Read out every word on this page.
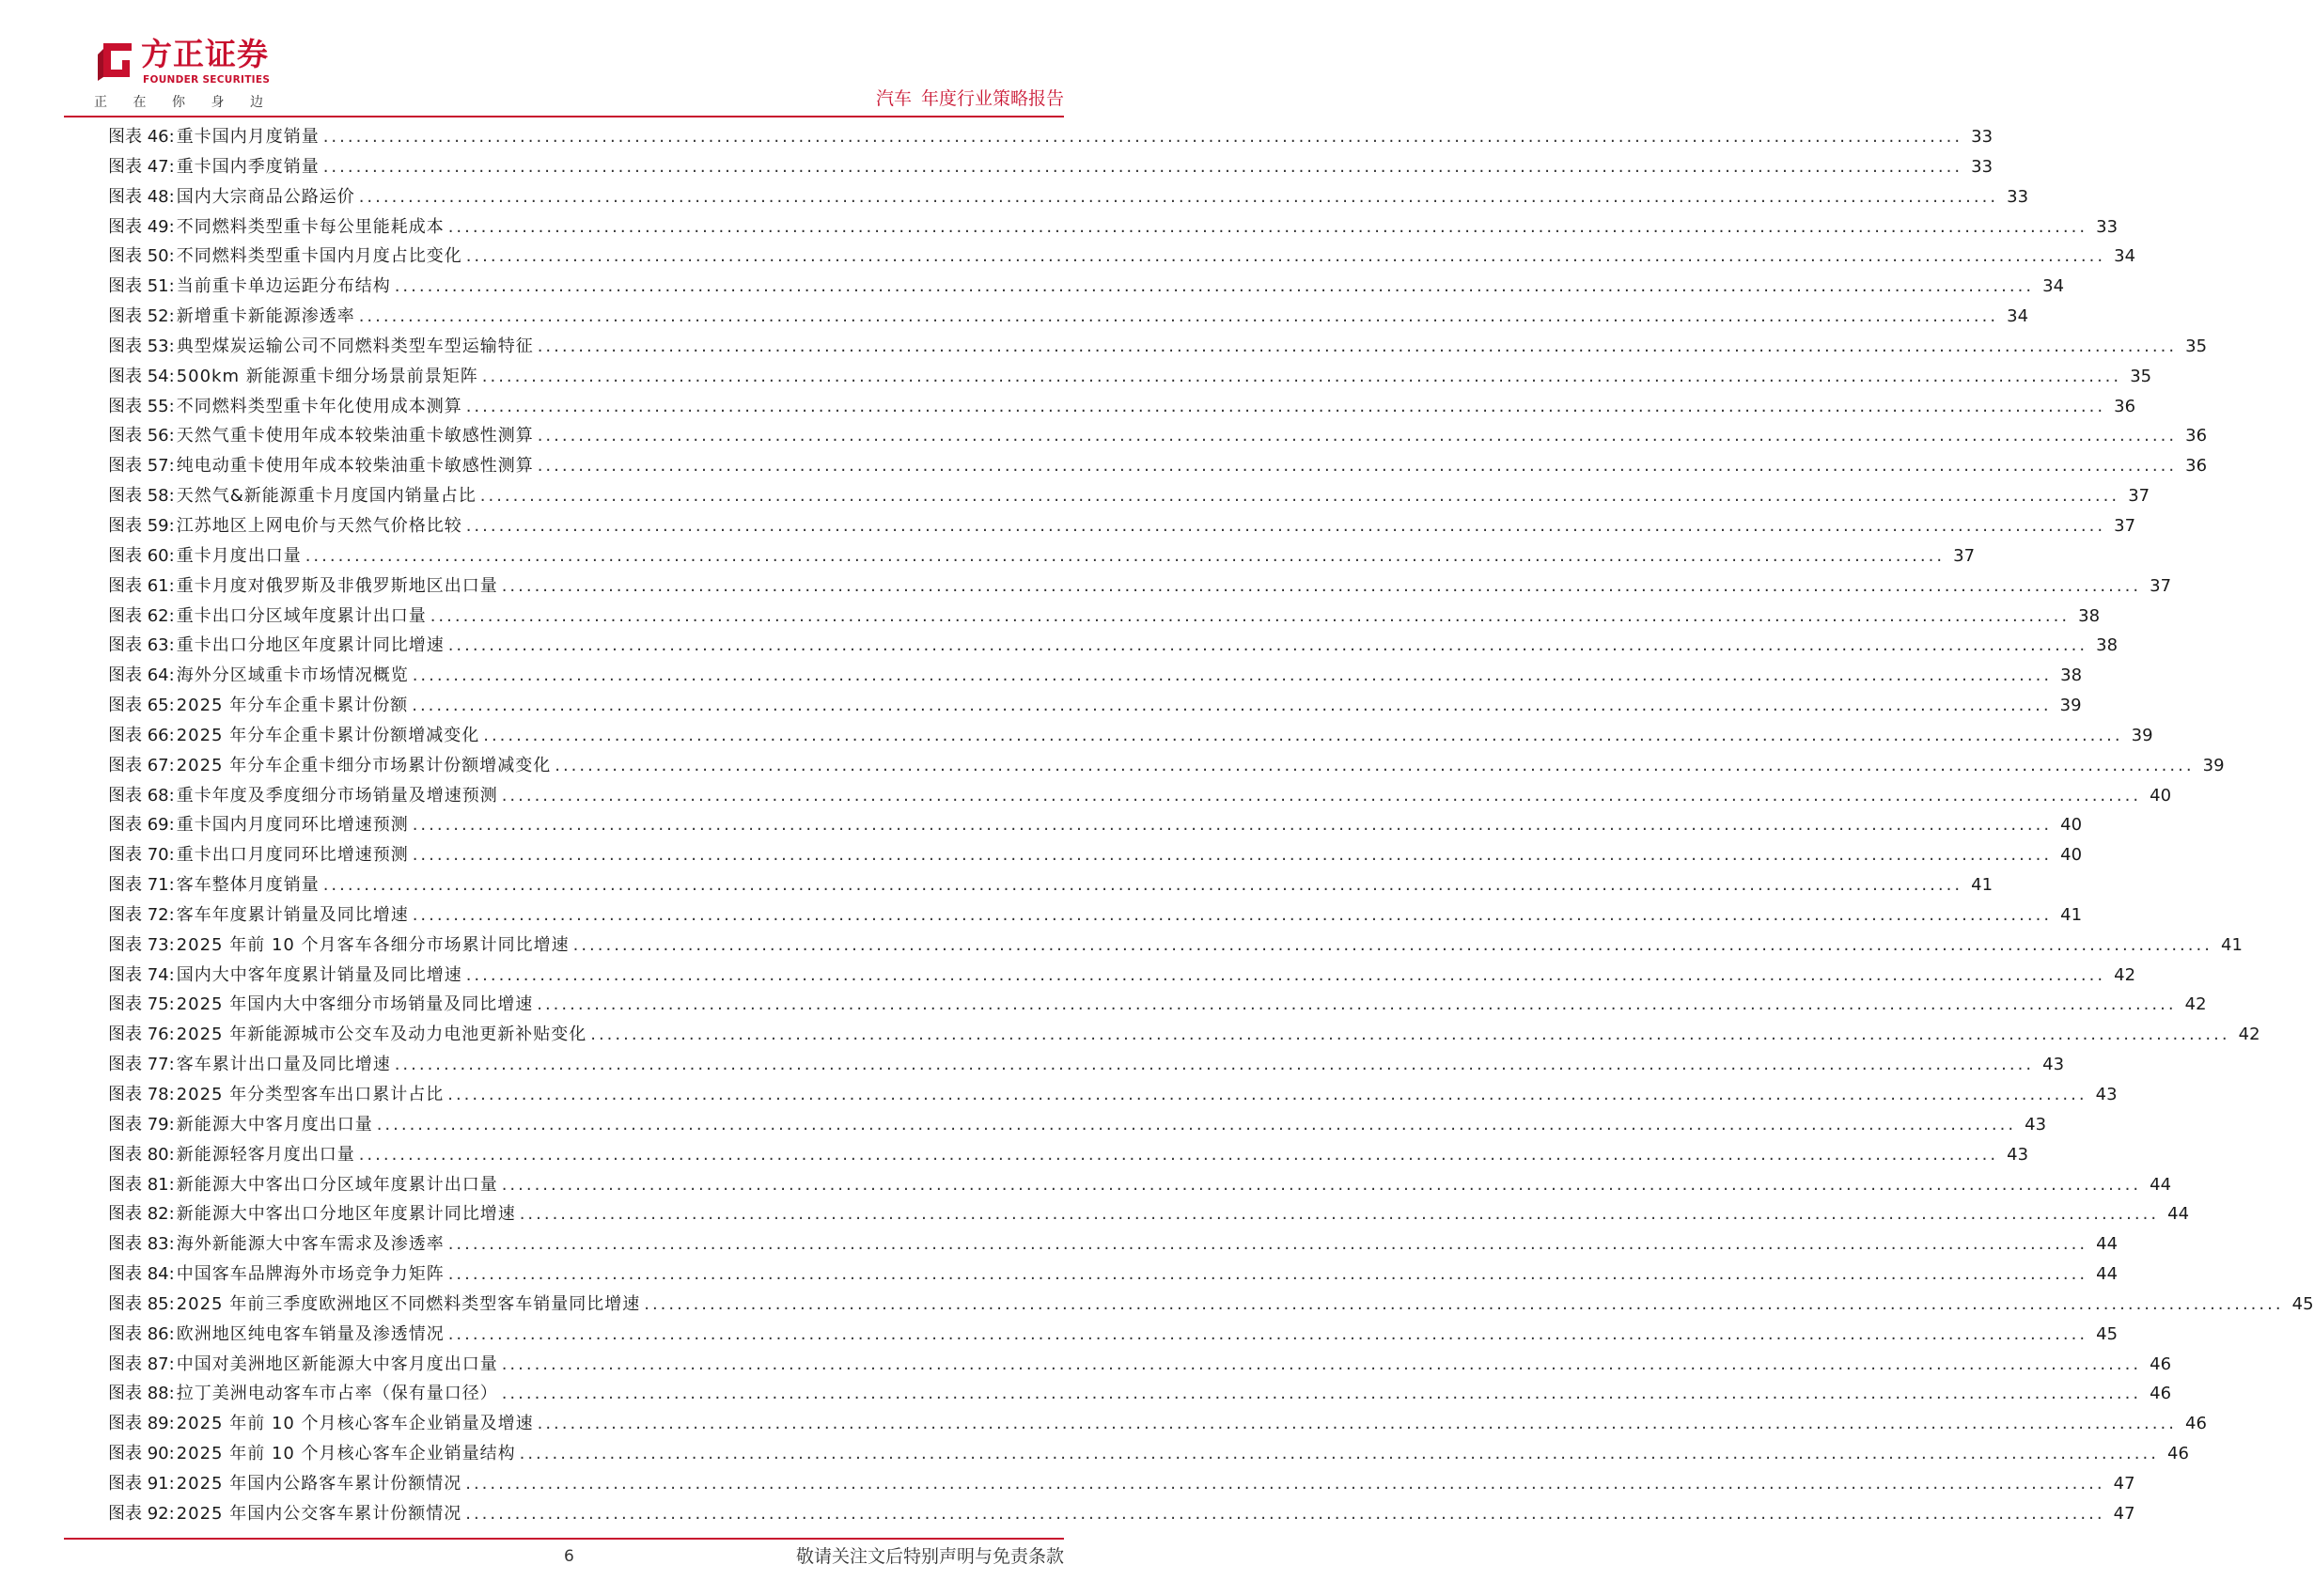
方正证券
FOUNDER SECURITIES
正 在 你 身 边	汽车 年度行业策略报告
图表 46: 重卡国内月度销量 ........................................................................................................................................................................................................ 33
图表 47: 重卡国内季度销量 ........................................................................................................................................................................................................ 33
图表 48: 国内大宗商品公路运价 ........................................................................................................................................................................................................ 33
图表 49: 不同燃料类型重卡每公里能耗成本 ........................................................................................................................................................................................................ 33
图表 50: 不同燃料类型重卡国内月度占比变化 ........................................................................................................................................................................................................ 34
图表 51: 当前重卡单边运距分布结构 ........................................................................................................................................................................................................ 34
图表 52: 新增重卡新能源渗透率 ........................................................................................................................................................................................................ 34
图表 53: 典型煤炭运输公司不同燃料类型车型运输特征 ........................................................................................................................................................................................................ 35
图表 54: 500km 新能源重卡细分场景前景矩阵 ........................................................................................................................................................................................................ 35
图表 55: 不同燃料类型重卡年化使用成本测算 ........................................................................................................................................................................................................ 36
图表 56: 天然气重卡使用年成本较柴油重卡敏感性测算 ........................................................................................................................................................................................................ 36
图表 57: 纯电动重卡使用年成本较柴油重卡敏感性测算 ........................................................................................................................................................................................................ 36
图表 58: 天然气&新能源重卡月度国内销量占比 ........................................................................................................................................................................................................ 37
图表 59: 江苏地区上网电价与天然气价格比较 ........................................................................................................................................................................................................ 37
图表 60: 重卡月度出口量 ........................................................................................................................................................................................................ 37
图表 61: 重卡月度对俄罗斯及非俄罗斯地区出口量 ........................................................................................................................................................................................................ 37
图表 62: 重卡出口分区域年度累计出口量 ........................................................................................................................................................................................................ 38
图表 63: 重卡出口分地区年度累计同比增速 ........................................................................................................................................................................................................ 38
图表 64: 海外分区域重卡市场情况概览 ........................................................................................................................................................................................................ 38
图表 65: 2025 年分车企重卡累计份额 ........................................................................................................................................................................................................ 39
图表 66: 2025 年分车企重卡累计份额增减变化 ........................................................................................................................................................................................................ 39
图表 67: 2025 年分车企重卡细分市场累计份额增减变化 ........................................................................................................................................................................................................ 39
图表 68: 重卡年度及季度细分市场销量及增速预测 ........................................................................................................................................................................................................ 40
图表 69: 重卡国内月度同环比增速预测 ........................................................................................................................................................................................................ 40
图表 70: 重卡出口月度同环比增速预测 ........................................................................................................................................................................................................ 40
图表 71: 客车整体月度销量 ........................................................................................................................................................................................................ 41
图表 72: 客车年度累计销量及同比增速 ........................................................................................................................................................................................................ 41
图表 73: 2025 年前 10 个月客车各细分市场累计同比增速 ........................................................................................................................................................................................................ 41
图表 74: 国内大中客年度累计销量及同比增速 ........................................................................................................................................................................................................ 42
图表 75: 2025 年国内大中客细分市场销量及同比增速 ........................................................................................................................................................................................................ 42
图表 76: 2025 年新能源城市公交车及动力电池更新补贴变化 ........................................................................................................................................................................................................ 42
图表 77: 客车累计出口量及同比增速 ........................................................................................................................................................................................................ 43
图表 78: 2025 年分类型客车出口累计占比 ........................................................................................................................................................................................................ 43
图表 79: 新能源大中客月度出口量 ........................................................................................................................................................................................................ 43
图表 80: 新能源轻客月度出口量 ........................................................................................................................................................................................................ 43
图表 81: 新能源大中客出口分区域年度累计出口量 ........................................................................................................................................................................................................ 44
图表 82: 新能源大中客出口分地区年度累计同比增速 ........................................................................................................................................................................................................ 44
图表 83: 海外新能源大中客车需求及渗透率 ........................................................................................................................................................................................................ 44
图表 84: 中国客车品牌海外市场竞争力矩阵 ........................................................................................................................................................................................................ 44
图表 85: 2025 年前三季度欧洲地区不同燃料类型客车销量同比增速 ........................................................................................................................................................................................................ 45
图表 86: 欧洲地区纯电客车销量及渗透情况 ........................................................................................................................................................................................................ 45
图表 87: 中国对美洲地区新能源大中客月度出口量 ........................................................................................................................................................................................................ 46
图表 88: 拉丁美洲电动客车市占率（保有量口径） ........................................................................................................................................................................................................ 46
图表 89: 2025 年前 10 个月核心客车企业销量及增速 ........................................................................................................................................................................................................ 46
图表 90: 2025 年前 10 个月核心客车企业销量结构 ........................................................................................................................................................................................................ 46
图表 91: 2025 年国内公路客车累计份额情况 ........................................................................................................................................................................................................ 47
图表 92: 2025 年国内公交客车累计份额情况 ........................................................................................................................................................................................................ 47
6	敬请关注文后特别声明与免责条款
